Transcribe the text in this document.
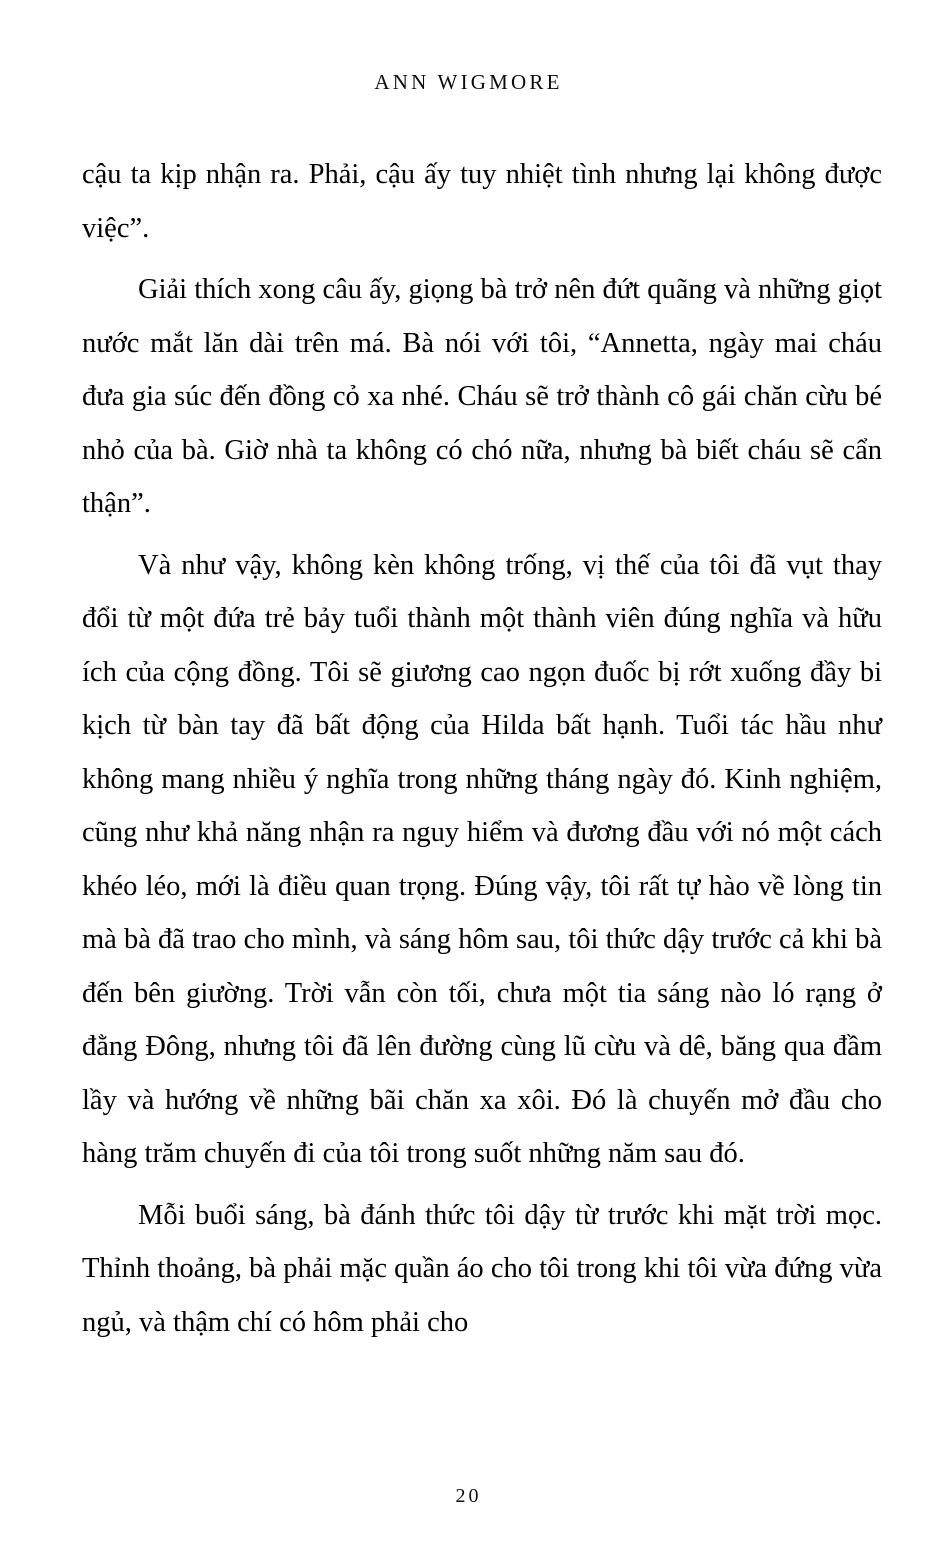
ANN WIGMORE

cậu ta kịp nhận ra. Phải, cậu ấy tuy nhiệt tình nhưng lại không được việc”.

Giải thích xong câu ấy, giọng bà trở nên đứt quãng và những giọt nước mắt lăn dài trên má. Bà nói với tôi, “Annetta, ngày mai cháu đưa gia súc đến đồng cỏ xa nhé. Cháu sẽ trở thành cô gái chăn cừu bé nhỏ của bà. Giờ nhà ta không có chó nữa, nhưng bà biết cháu sẽ cẩn thận”.

Và như vậy, không kèn không trống, vị thế của tôi đã vụt thay đổi từ một đứa trẻ bảy tuổi thành một thành viên đúng nghĩa và hữu ích của cộng đồng. Tôi sẽ giương cao ngọn đuốc bị rớt xuống đầy bi kịch từ bàn tay đã bất động của Hilda bất hạnh. Tuổi tác hầu như không mang nhiều ý nghĩa trong những tháng ngày đó. Kinh nghiệm, cũng như khả năng nhận ra nguy hiểm và đương đầu với nó một cách khéo léo, mới là điều quan trọng. Đúng vậy, tôi rất tự hào về lòng tin mà bà đã trao cho mình, và sáng hôm sau, tôi thức dậy trước cả khi bà đến bên giường. Trời vẫn còn tối, chưa một tia sáng nào ló rạng ở đằng Đông, nhưng tôi đã lên đường cùng lũ cừu và dê, băng qua đầm lầy và hướng về những bãi chăn xa xôi. Đó là chuyến mở đầu cho hàng trăm chuyến đi của tôi trong suốt những năm sau đó.

Mỗi buổi sáng, bà đánh thức tôi dậy từ trước khi mặt trời mọc. Thỉnh thoảng, bà phải mặc quần áo cho tôi trong khi tôi vừa đứng vừa ngủ, và thậm chí có hôm phải cho

20
